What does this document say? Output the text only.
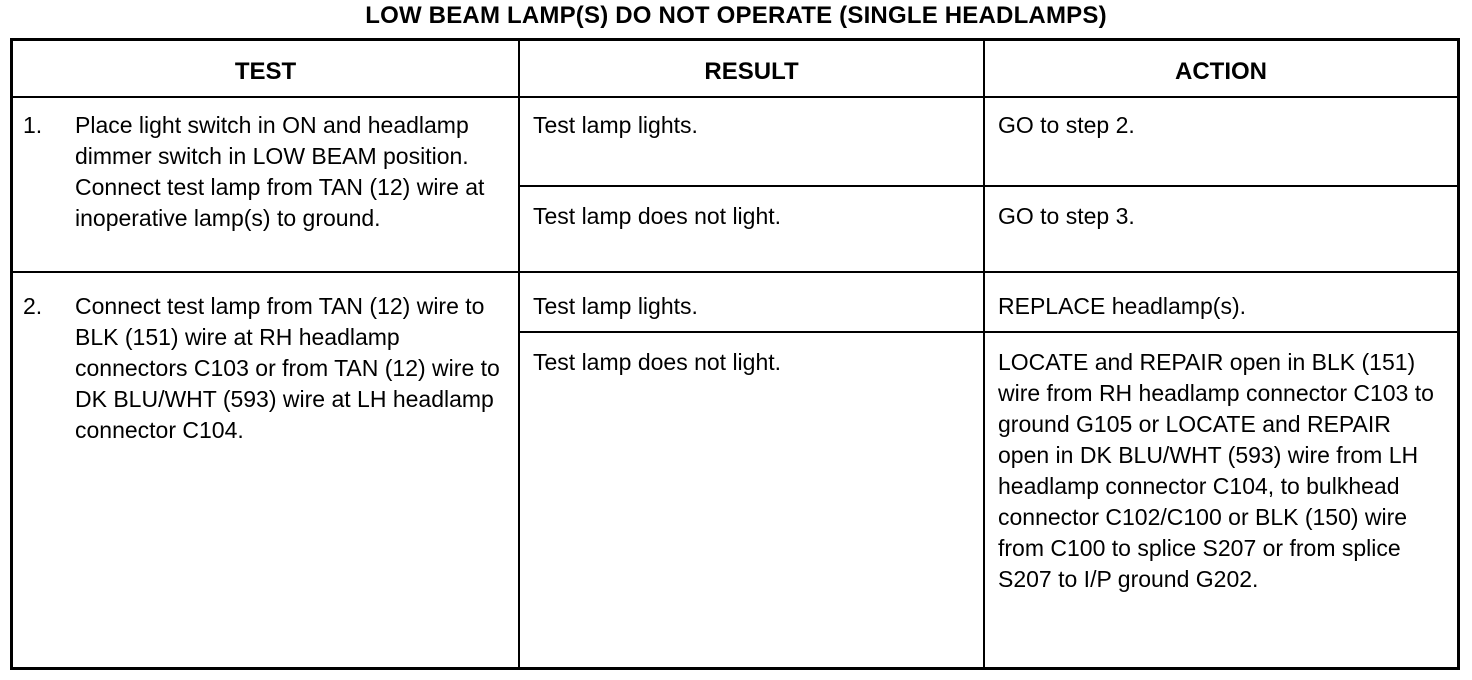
LOW BEAM LAMP(S) DO NOT OPERATE (SINGLE HEADLAMPS)
TEST	RESULT	ACTION
1. Place light switch in ON and headlamp dimmer switch in LOW BEAM position. Connect test lamp from TAN (12) wire at inoperative lamp(s) to ground.
Test lamp lights.	GO to step 2.
Test lamp does not light.	GO to step 3.
2. Connect test lamp from TAN (12) wire to BLK (151) wire at RH headlamp connectors C103 or from TAN (12) wire to DK BLU/WHT (593) wire at LH headlamp connector C104.
Test lamp lights.	REPLACE headlamp(s).
Test lamp does not light.	LOCATE and REPAIR open in BLK (151) wire from RH headlamp connector C103 to ground G105 or LOCATE and REPAIR open in DK BLU/WHT (593) wire from LH headlamp connector C104, to bulkhead connector C102/C100 or BLK (150) wire from C100 to splice S207 or from splice S207 to I/P ground G202.
